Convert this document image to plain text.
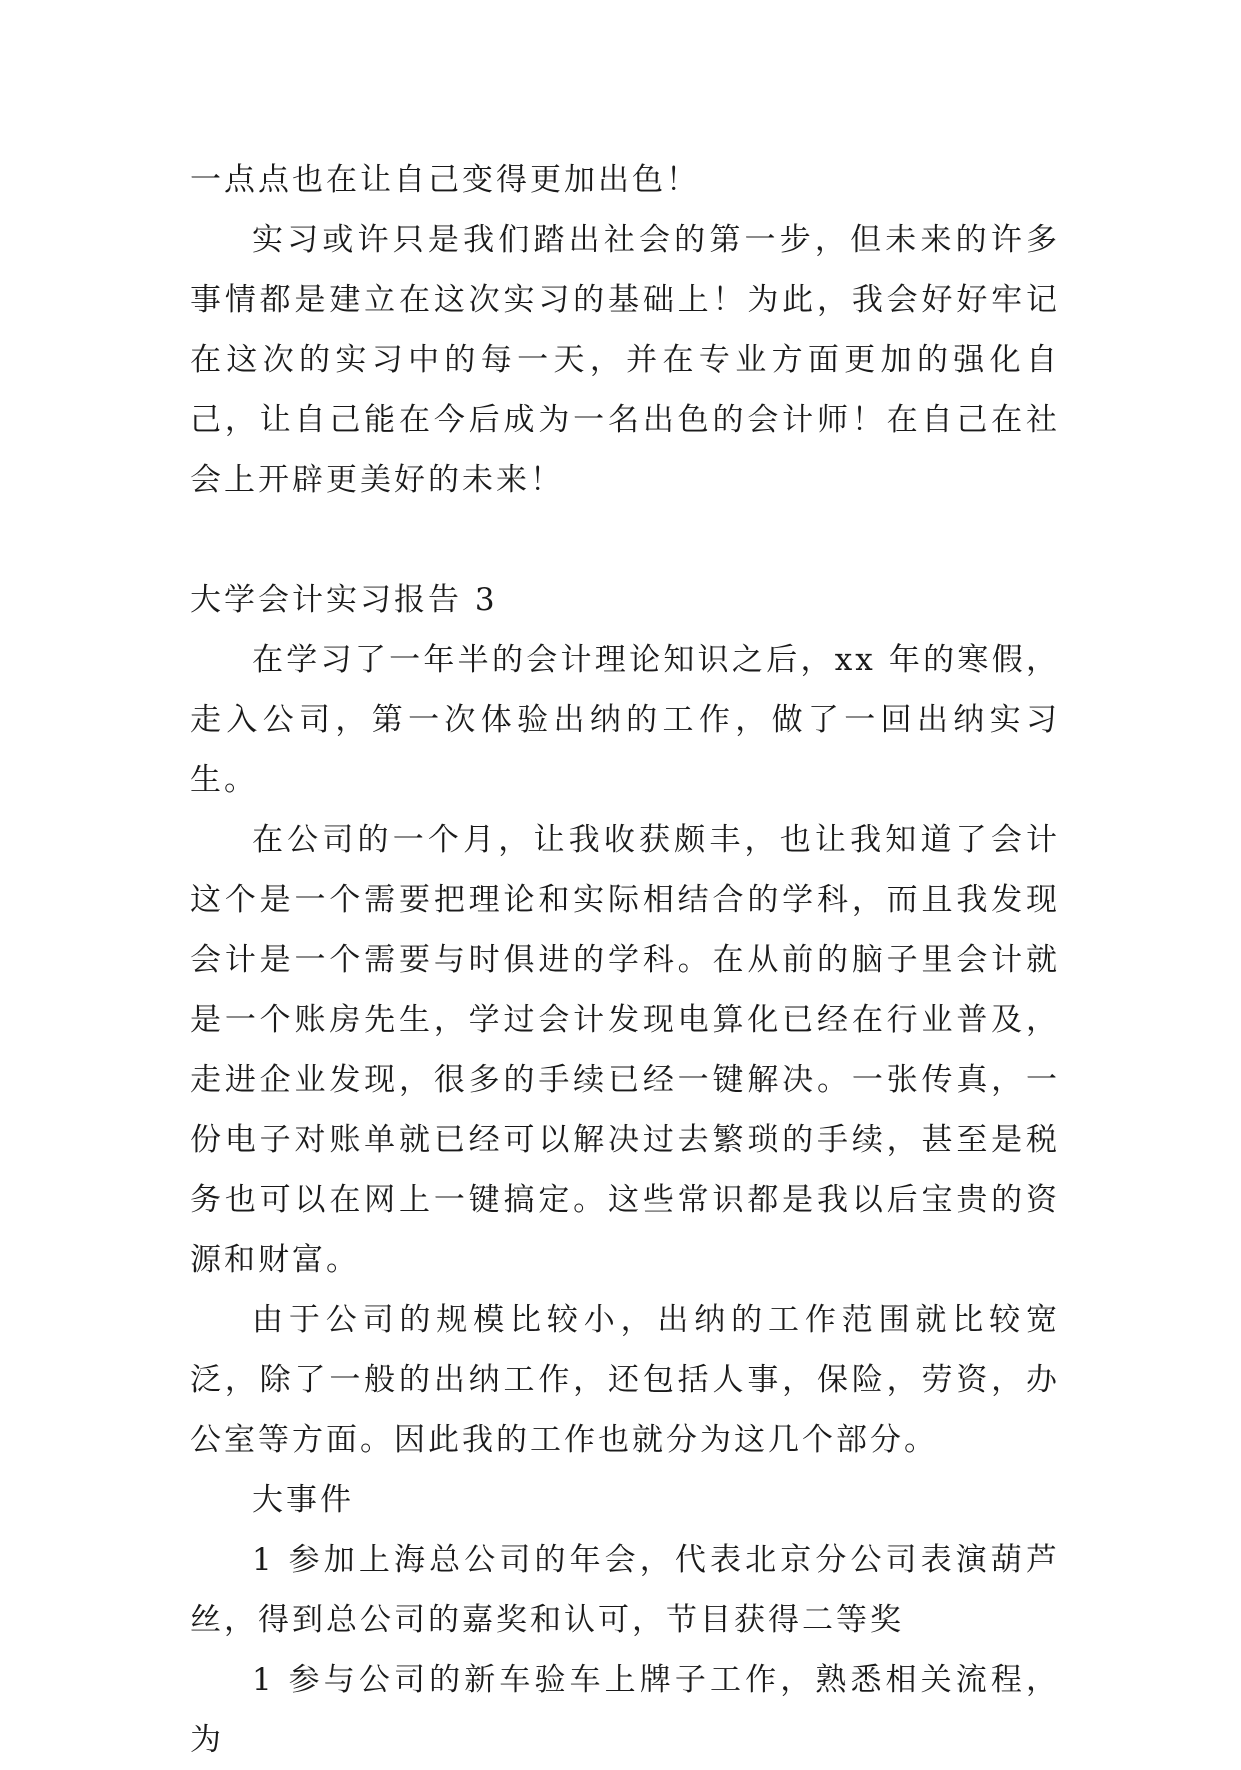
一点点也在让自己变得更加出色！

实习或许只是我们踏出社会的第一步，但未来的许多事情都是建立在这次实习的基础上！为此，我会好好牢记在这次的实习中的每一天，并在专业方面更加的强化自己，让自己能在今后成为一名出色的会计师！在自己在社会上开辟更美好的未来！

大学会计实习报告 3

在学习了一年半的会计理论知识之后，xx 年的寒假，走入公司，第一次体验出纳的工作，做了一回出纳实习生。

在公司的一个月，让我收获颇丰，也让我知道了会计这个是一个需要把理论和实际相结合的学科，而且我发现会计是一个需要与时俱进的学科。在从前的脑子里会计就是一个账房先生，学过会计发现电算化已经在行业普及，走进企业发现，很多的手续已经一键解决。一张传真，一份电子对账单就已经可以解决过去繁琐的手续，甚至是税务也可以在网上一键搞定。这些常识都是我以后宝贵的资源和财富。

由于公司的规模比较小，出纳的工作范围就比较宽泛，除了一般的出纳工作，还包括人事，保险，劳资，办公室等方面。因此我的工作也就分为这几个部分。

大事件

1 参加上海总公司的年会，代表北京分公司表演葫芦丝，得到总公司的嘉奖和认可，节目获得二等奖

1 参与公司的新车验车上牌子工作，熟悉相关流程，为
